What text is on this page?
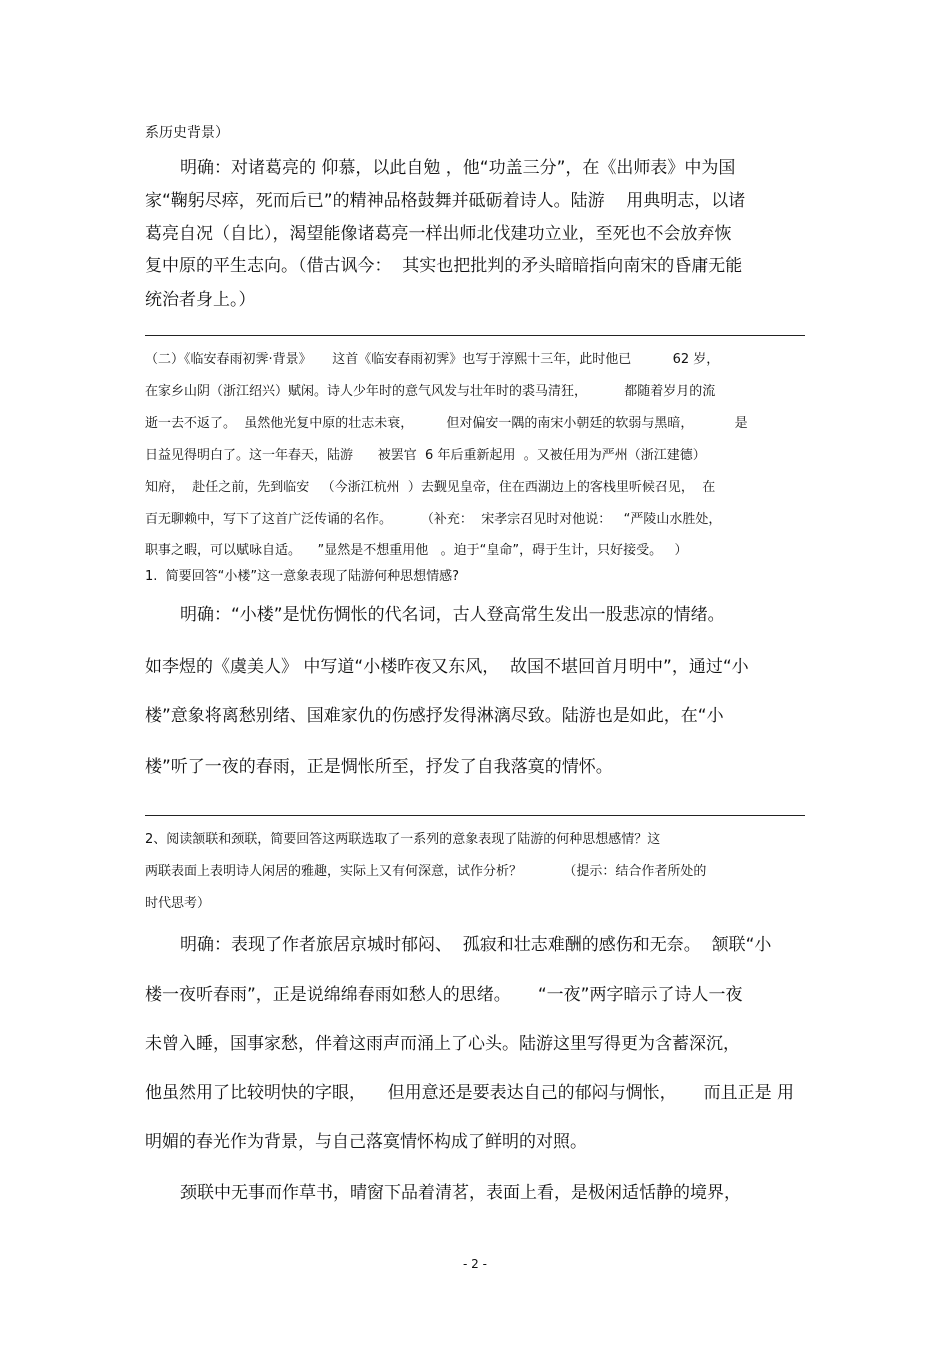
系历史背景）
明确：对诸葛亮的 仰慕，以此自勉 ，他“功盖三分”，在《出师表》中为国
家“鞠躬尽瘁，死而后已”的精神品格鼓舞并砥砺着诗人。陆游    用典明志，以诸
葛亮自况（自比），渴望能像诸葛亮一样出师北伐建功立业，至死也不会放弃恢
复中原的平生志向。（借古讽今：  其实也把批判的矛头暗暗指向南宋的昏庸无能
统治者身上。）
（二）《临安春雨初霁·背景》     这首《临安春雨初霁》也写于淳熙十三年，此时他已          62 岁，
在家乡山阴（浙江绍兴）赋闲。诗人少年时的意气风发与壮年时的裘马清狂，         都随着岁月的流
逝一去不返了。  虽然他光复中原的壮志未衰，        但对偏安一隅的南宋小朝廷的软弱与黑暗，          是
日益见得明白了。这一年春天，陆游      被罢官  6 年后重新起用  。又被任用为严州（浙江建德）
知府，  赴任之前，先到临安   （今浙江杭州  ）去觐见皇帝，住在西湖边上的客栈里听候召见，  在
百无聊赖中，写下了这首广泛传诵的名作。       （补充：  宋孝宗召见时对他说：   “严陵山水胜处，
职事之暇，可以赋咏自适。    ”显然是不想重用他   。迫于“皇命”，碍于生计，只好接受。   ）
1.  简要回答“小楼”这一意象表现了陆游何种思想情感?
明确：“小楼”是忧伤惆怅的代名词，古人登高常生发出一股悲凉的情绪。
如李煜的《虞美人》 中写道“小楼昨夜又东风，  故国不堪回首月明中”，通过“小
楼”意象将离愁别绪、国难家仇的伤感抒发得淋漓尽致。陆游也是如此，在“小
楼”听了一夜的春雨，正是惆怅所至，抒发了自我落寞的情怀。
2、阅读颔联和颈联，简要回答这两联选取了一系列的意象表现了陆游的何种思想感情？这
两联表面上表明诗人闲居的雅趣，实际上又有何深意，试作分析？          （提示：结合作者所处的
时代思考）
明确：表现了作者旅居京城时郁闷、  孤寂和壮志难酬的感伤和无奈。  颔联“小
楼一夜听春雨”，正是说绵绵春雨如愁人的思绪。     “一夜”两字暗示了诗人一夜
未曾入睡，国事家愁，伴着这雨声而涌上了心头。陆游这里写得更为含蓄深沉，
他虽然用了比较明快的字眼，    但用意还是要表达自己的郁闷与惆怅，     而且正是 用
明媚的春光作为背景，与自己落寞情怀构成了鲜明的对照。
颈联中无事而作草书，晴窗下品着清茗，表面上看，是极闲适恬静的境界，
- 2 -
